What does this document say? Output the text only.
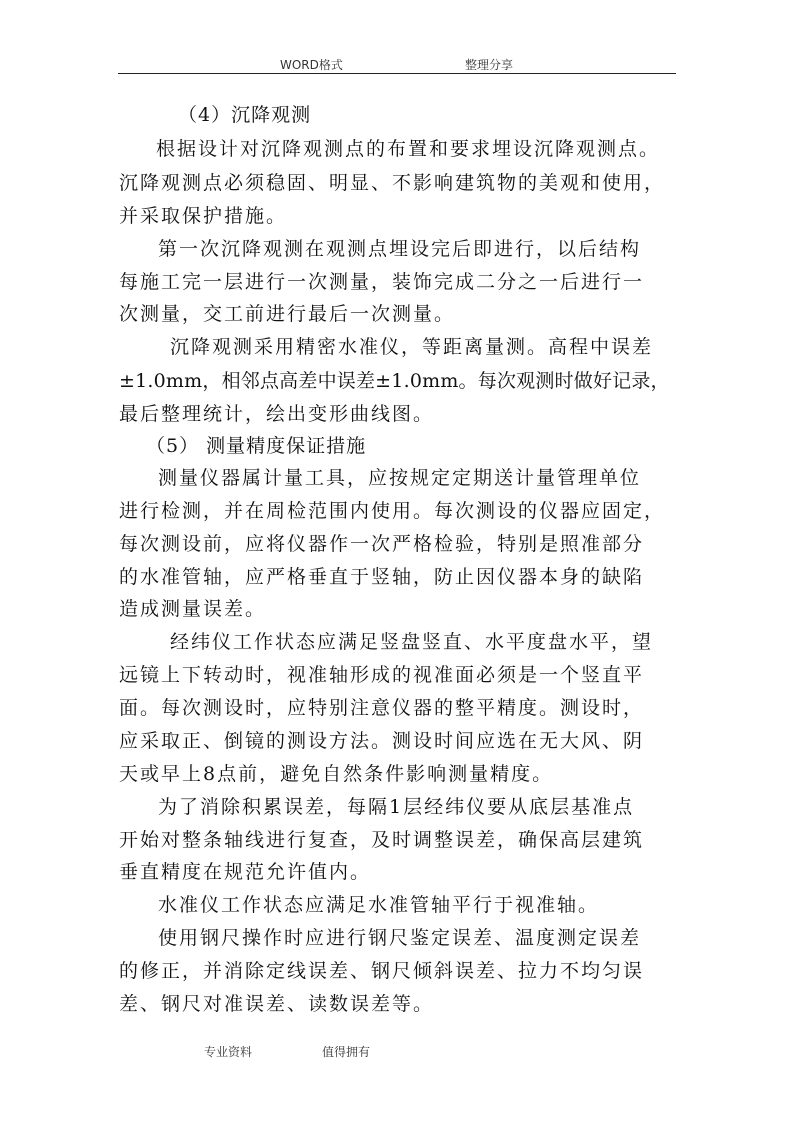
WORD格式	整理分享
（4）沉降观测
根据设计对沉降观测点的布置和要求埋设沉降观测点。
沉降观测点必须稳固、明显、不影响建筑物的美观和使用，
并采取保护措施。
第一次沉降观测在观测点埋设完后即进行，以后结构
每施工完一层进行一次测量，装饰完成二分之一后进行一
次测量，交工前进行最后一次测量。
沉降观测采用精密水准仪，等距离量测。高程中误差
±1.0mm，相邻点高差中误差±1.0mm。每次观测时做好记录，
最后整理统计，绘出变形曲线图。
（5） 测量精度保证措施
测量仪器属计量工具，应按规定定期送计量管理单位
进行检测，并在周检范围内使用。每次测设的仪器应固定，
每次测设前，应将仪器作一次严格检验，特别是照准部分
的水准管轴，应严格垂直于竖轴，防止因仪器本身的缺陷
造成测量误差。
经纬仪工作状态应满足竖盘竖直、水平度盘水平，望
远镜上下转动时，视准轴形成的视准面必须是一个竖直平
面。每次测设时，应特别注意仪器的整平精度。测设时，
应采取正、倒镜的测设方法。测设时间应选在无大风、阴
天或早上8点前，避免自然条件影响测量精度。
为了消除积累误差，每隔1层经纬仪要从底层基准点
开始对整条轴线进行复查，及时调整误差，确保高层建筑
垂直精度在规范允许值内。
水准仪工作状态应满足水准管轴平行于视准轴。
使用钢尺操作时应进行钢尺鉴定误差、温度测定误差
的修正，并消除定线误差、钢尺倾斜误差、拉力不均匀误
差、钢尺对准误差、读数误差等。
专业资料	值得拥有
